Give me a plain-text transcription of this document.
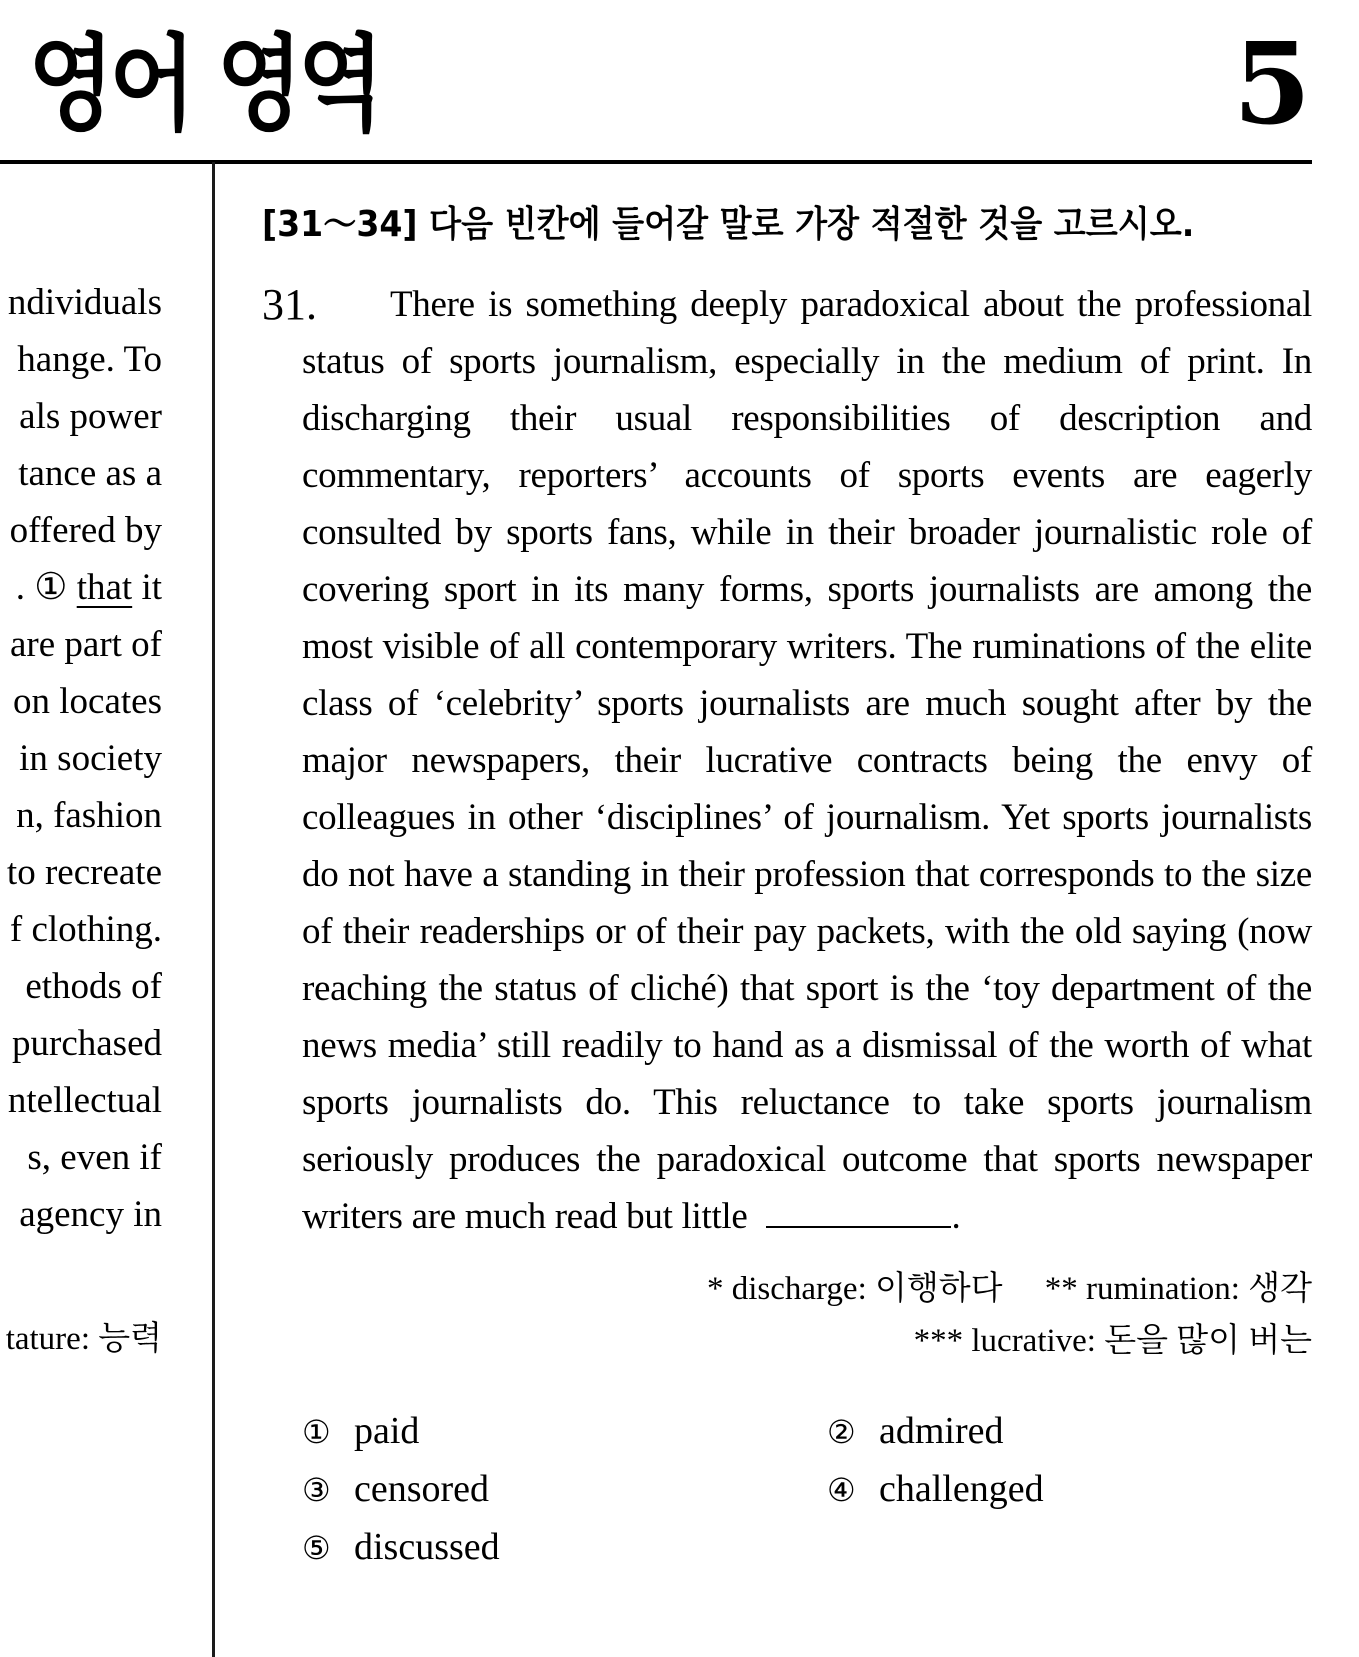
영어 영역	5
ndividuals
hange. To
als power
tance as a
offered by
. ① that it
are part of
on locates
in society
n, fashion
to recreate
f clothing.
ethods of
purchased
ntellectual
s, even if
agency in
tature: 능력
[31～34] 다음 빈칸에 들어갈 말로 가장 적절한 것을 고르시오.
31.	There is something deeply paradoxical about the professional status of sports journalism, especially in the medium of print. In discharging their usual responsibilities of description and commentary, reporters’ accounts of sports events are eagerly consulted by sports fans, while in their broader journalistic role of covering sport in its many forms, sports journalists are among the most visible of all contemporary writers. The ruminations of the elite class of ‘celebrity’ sports journalists are much sought after by the major newspapers, their lucrative contracts being the envy of colleagues in other ‘disciplines’ of journalism. Yet sports journalists do not have a standing in their profession that corresponds to the size of their readerships or of their pay packets, with the old saying (now reaching the status of cliché) that sport is the ‘toy department of the news media’ still readily to hand as a dismissal of the worth of what sports journalists do. This reluctance to take sports journalism seriously produces the paradoxical outcome that sports newspaper writers are much read but little	.
* discharge: 이행하다 ** rumination: 생각
*** lucrative: 돈을 많이 버는
① paid	② admired
③ censored	④ challenged
⑤ discussed
